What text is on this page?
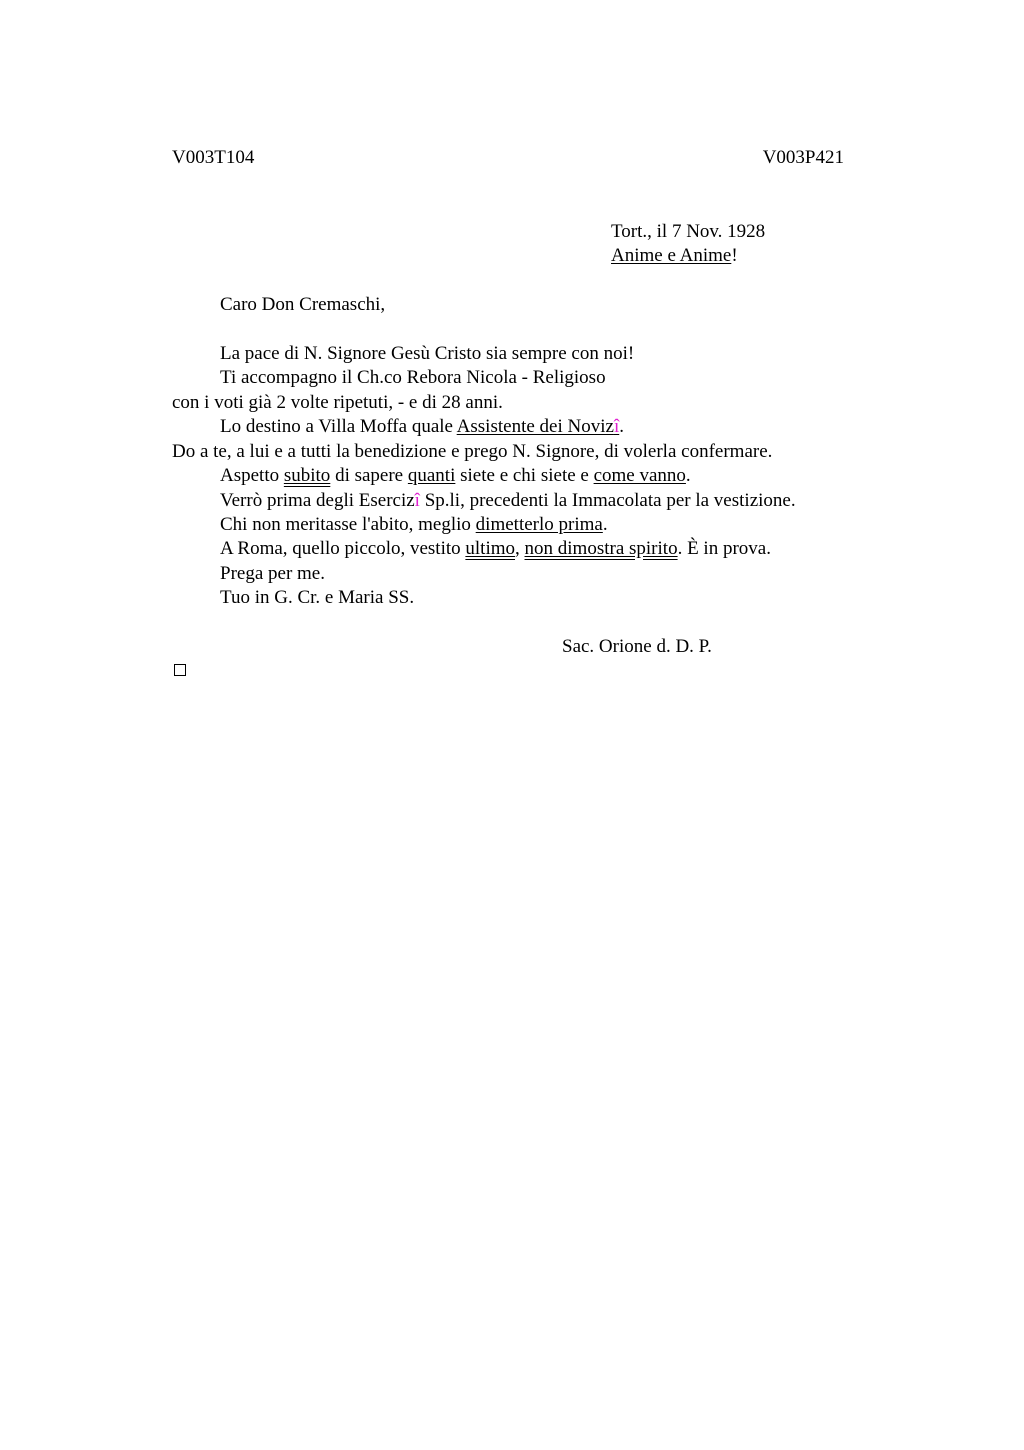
V003T104	V003P421
Tort., il 7 Nov. 1928
Anime e Anime!
Caro Don Cremaschi,
La pace di N. Signore Gesù Cristo sia sempre con noi!
Ti accompagno il Ch.co Rebora Nicola - Religioso
con i voti già 2 volte ripetuti, - e di 28 anni.
Lo destino a Villa Moffa quale Assistente dei Novizî.
Do a te, a lui e a tutti la benedizione e prego N. Signore, di volerla confermare.
Aspetto subito di sapere quanti siete e chi siete e come vanno.
Verrò prima degli Esercizî Sp.li, precedenti la Immacolata per la vestizione.
Chi non meritasse l'abito, meglio dimetterlo prima.
A Roma, quello piccolo, vestito ultimo, non dimostra spirito. È in prova.
Prega per me.
Tuo in G. Cr. e Maria SS.
Sac. Orione d. D. P.
